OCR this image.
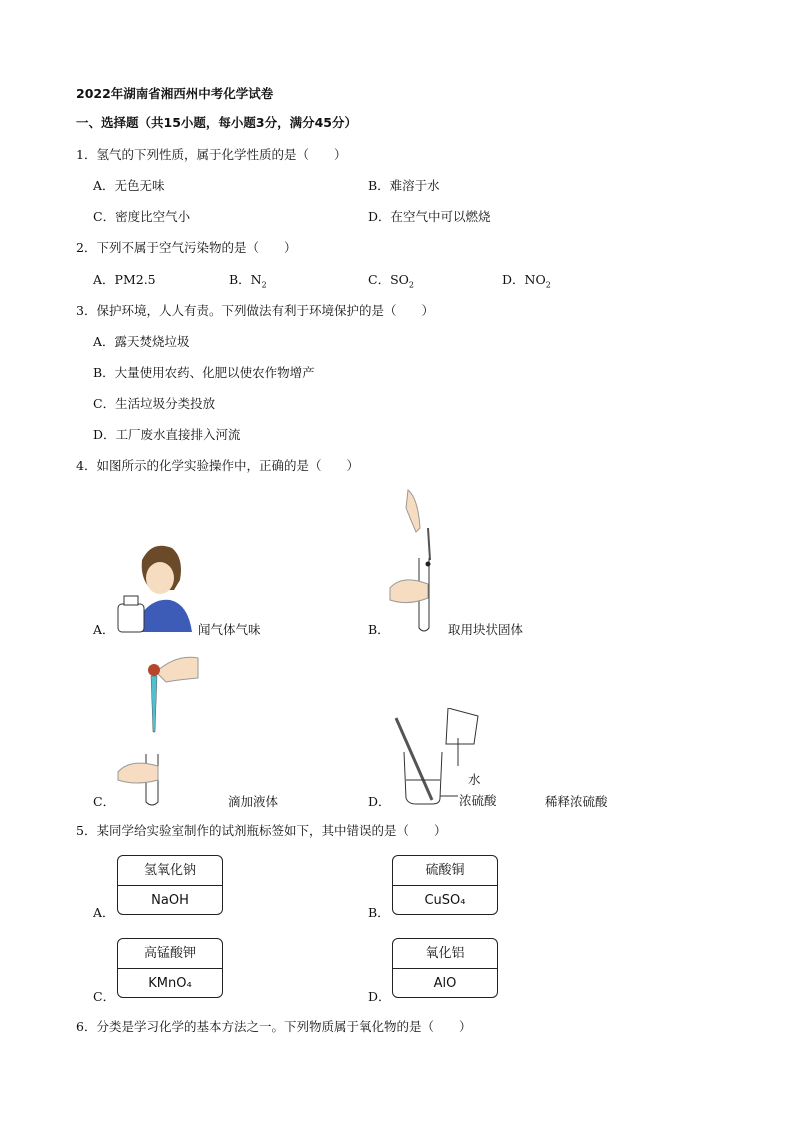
2022年湖南省湘西州中考化学试卷
一、选择题（共15小题，每小题3分，满分45分）
1．氢气的下列性质，属于化学性质的是（　　）
A．无色无味	B．难溶于水
C．密度比空气小	D．在空气中可以燃烧
2．下列不属于空气污染物的是（　　）
A．PM2.5	B．$N_2$	C．$SO_2$	D．$NO_2$
3．保护环境，人人有责。下列做法有利于环境保护的是（　　）
A．露天焚烧垃圾
B．大量使用农药、化肥以使农作物增产
C．生活垃圾分类投放
D．工厂废水直接排入河流
4．如图所示的化学实验操作中，正确的是（　　）
A．	闻气体气味	B．	取用块状固体
C．	滴加液体	D．
水
浓硫酸	稀释浓硫酸
5．某同学给实验室制作的试剂瓶标签如下，其中错误的是（　　）
A．
氢氧化钠
NaOH
B．
硫酸铜
CuSO₄
C．
高锰酸钾
KMnO₄
D．
氧化铝
AlO
6．分类是学习化学的基本方法之一。下列物质属于氧化物的是（　　）
